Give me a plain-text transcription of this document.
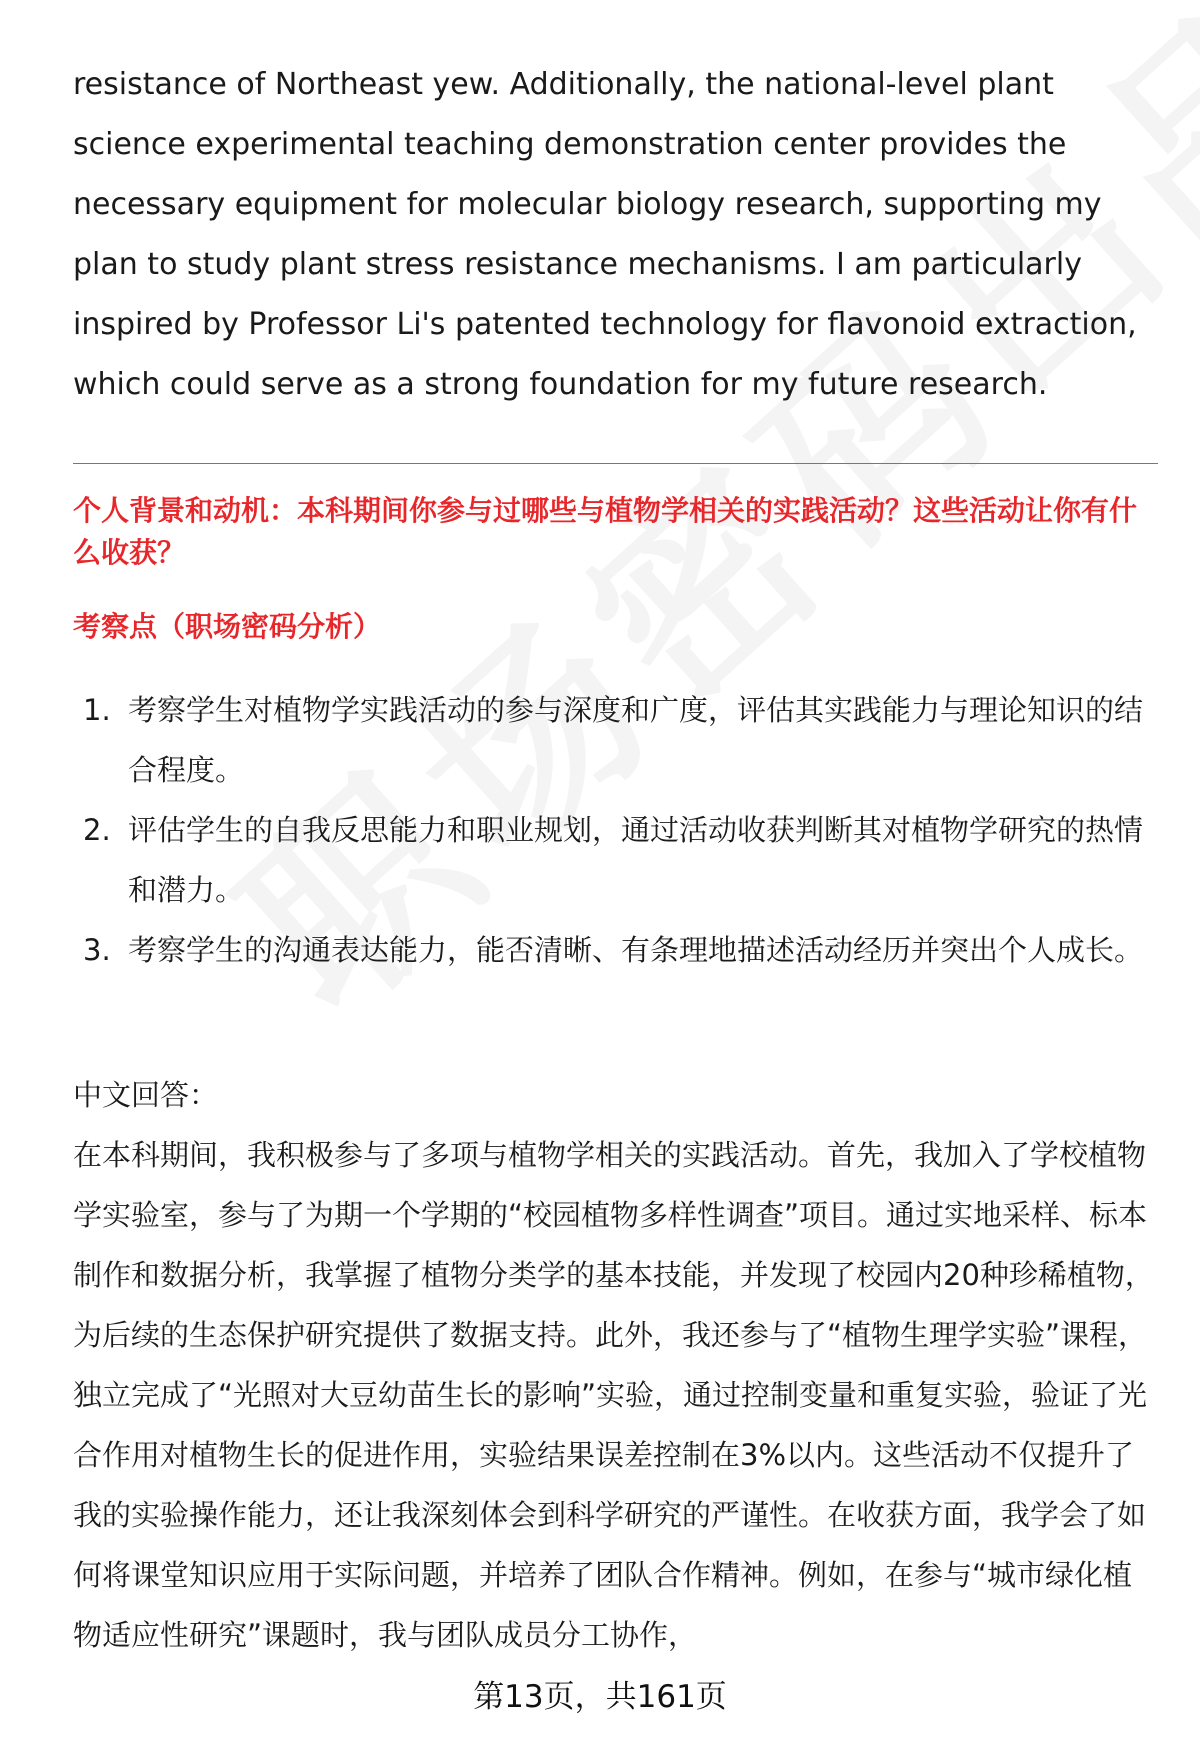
resistance of Northeast yew. Additionally, the national-level plant science experimental teaching demonstration center provides the necessary equipment for molecular biology research, supporting my plan to study plant stress resistance mechanisms. I am particularly inspired by Professor Li's patented technology for flavonoid extraction, which could serve as a strong foundation for my future research.

个人背景和动机：本科期间你参与过哪些与植物学相关的实践活动？这些活动让你有什么收获？
考察点（职场密码分析）
1. 考察学生对植物学实践活动的参与深度和广度，评估其实践能力与理论知识的结合程度。
2. 评估学生的自我反思能力和职业规划，通过活动收获判断其对植物学研究的热情和潜力。
3. 考察学生的沟通表达能力，能否清晰、有条理地描述活动经历并突出个人成长。
中文回答：

在本科期间，我积极参与了多项与植物学相关的实践活动。首先，我加入了学校植物学实验室，参与了为期一个学期的“校园植物多样性调查”项目。通过实地采样、标本制作和数据分析，我掌握了植物分类学的基本技能，并发现了校园内20种珍稀植物，为后续的生态保护研究提供了数据支持。此外，我还参与了“植物生理学实验”课程，独立完成了“光照对大豆幼苗生长的影响”实验，通过控制变量和重复实验，验证了光合作用对植物生长的促进作用，实验结果误差控制在3%以内。这些活动不仅提升了我的实验操作能力，还让我深刻体会到科学研究的严谨性。在收获方面，我学会了如何将课堂知识应用于实际问题，并培养了团队合作精神。例如，在参与“城市绿化植物适应性研究”课题时，我与团队成员分工协作，

第13页，共161页
